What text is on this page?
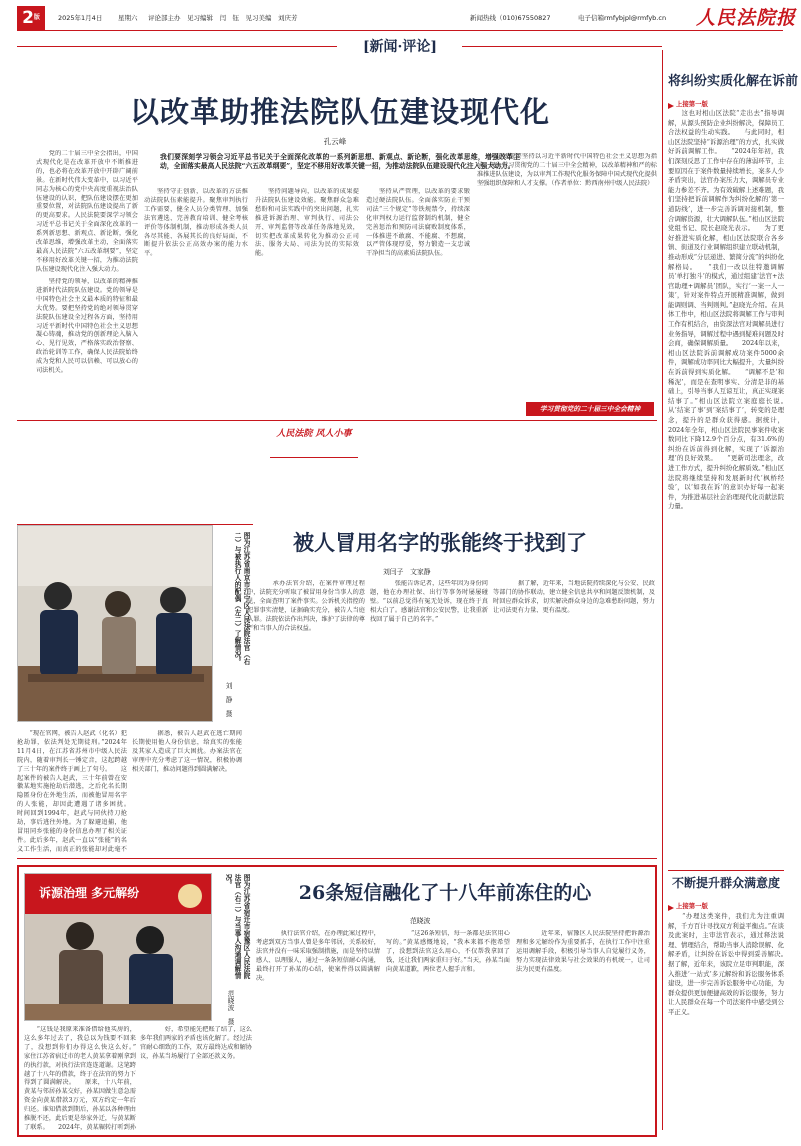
$2^版$	2025年1月4日 星期六 评论部主办　见习编辑　闫　钰　见习美编　刘庆芳	新闻热线（010)67550827	电子信箱rmfybjpl@rmfyb.cn 人民法院报
[新闻·评论]
以改革助推法院队伍建设现代化
孔云峰
我们要深刻学习领会习近平总书记关于全面深化改革的一系列新思想、新观点、新论断，强化改革思维，增强改革主动，全面落实最高人民法院“六五改革纲要”，坚定不移用好改革关键一招，为推动法院队伍建设现代化注入强大动力。
　　党的二十届三中全会指出，中国式现代化是在改革开放中不断推进的，也必将在改革开放中开辟广阔前景。在新时代伟大变革中，以习近平同志为核心的党中央高度重视法治队伍建设的认识，把队伍建设摆在更加重要位置，对法院队伍建设提出了新的更高要求。人民法院要深学习领会习近平总书记关于全面深化改革的一系列新思想、新观点、新论断，强化改革思维，增强改革主动，全面落实最高人民法院“六五改革纲要”，坚定不移用好改革关键一招，为推动法院队伍建设现代化注入强大动力。
　　坚持党的领导，以改革的精神推进新时代法院队伍建设。党的领导是中国特色社会主义最本质的特征和最大优势。要把坚持党的绝对领导贯穿法院队伍建设全过程各方面，坚持用习近平新时代中国特色社会主义思想凝心铸魂，推动党的创新理论入脑入心、见行见效，严格落实政治督察、政治轮训等工作，确保人民法院始终成为党和人民可以信赖、可以放心的司法机关。
　　坚持守正创新，以改革的方法推动法院队伍素能提升。聚焦审判执行工作需要，健全人员分类管理、加强法官遴选、完善教育培训、健全考核评价等体制机制，推动形成各类人员各尽其能、各展其长的良好局面，不断提升依法公正高效办案的能力水平。
　　坚持问题导向，以改革的成果提升法院队伍建设效能。聚焦群众急难愁盼和司法实践中的突出问题，扎实推进诉源治理、审判执行、司法公开、审判监督等改革任务落地见效，切实把改革成果转化为推动公正司法、服务大局、司法为民的实际效能。
　　坚持从严管理，以改革的要求锻造过硬法院队伍。全面落实防止干预司法“三个规定”等铁规禁令，持续深化审判权力运行监督制约机制，健全完善惩治和预防司法腐败制度体系，一体推进不敢腐、不能腐、不想腐，以严管体现厚爱，努力锻造一支忠诚干净担当的高素质法院队伍。
　　人民法院要坚持以习近平新时代中国特色社会主义思想为指导，深入学习贯彻党的二十届三中全会精神，以改革精神和严的标准推进队伍建设，为以审判工作现代化服务保障中国式现代化提供坚强组织保障和人才支撑。（作者单位：黔西南州中级人民法院）
学习贯彻党的二十届三中全会精神
将纠纷实质化解在诉前
上接第一版
　　这也对相山区法院“走出去”指导调解，从源头预防企业纠纷解决，保障员工合法权益的生动实践。　　与此同时，相山区法院坚持“诉源治理”的方式，扎实做好诉前调解工作。　　“2024年年初，我们深刻反思了工作中存在的薄弱环节，主要原因在于案件数量持续增长，案多人少矛盾突出，法官办案压力大，调解员专业能力参差不齐。为有效破解上述难题，我们坚持把诉前调解作为纠纷化解的‘第一道防线’，进一步完善诉调对接机制，整合调解资源，壮大调解队伍。”相山区法院党组书记、院长赵晓光表示。　　为了更好推进实质化解，相山区法院联合各乡镇、街道及行业调解组织建立联动机制，推动形成“分层递进、繁简分流”的纠纷化解格局。　　“我们一改以往特邀调解员‘单打独斗’的模式，通过组建‘法官+法官助理+调解员’团队，实行‘一案一人一策’，针对案件特点开展精准调解，做到能调则调、当判则判。”赵晓光介绍。在具体工作中，相山区法院将调解工作与审判工作有机结合，由资深法官对调解员进行业务指导，调解过程中遇到疑难问题及时会商，确保调解质量。　　2024年以来，相山区法院诉前调解成功案件5000余件，调解成功率同比大幅提升，大量纠纷在诉前得到实质化解。　　“调解不是‘和稀泥’，而是在查明事实、分清是非的基础上，引导当事人互谅互让，真正实现案结事了。”相山区法院立案庭庭长说。　　从‘结案了事’到‘案结事了’，转变的是理念，提升的是群众获得感。据统计，2024年全年，相山区法院民事案件收案数同比下降12.9个百分点，有31.6%的纠纷在诉前得到化解，实现了‘诉源治理’的良好效果。　　“更新司法理念，改进工作方式，提升纠纷化解质效。”相山区法院将继续坚持和发展新时代‘枫桥经验’，以‘如我在诉’的意识办好每一起案件，为推进基层社会治理现代化贡献法院力量。
不断提升群众满意度
上接第一版
　　“办理这类案件，我们尤为注重调解，千方百计寻找双方利益平衡点。”在谈及此案时，主审法官表示，通过释法说理、情理结合，帮助当事人消除误解、化解矛盾，让纠纷在诉讼中得到妥善解决。　　据了解，近年来，该院立足审判职能，深入推进‘一站式’多元解纷和诉讼服务体系建设，进一步完善诉讼服务中心功能，为群众提供更加便捷高效的诉讼服务，努力让人民群众在每一个司法案件中感受到公平正义。
人民法院 风人小事
被人冒用名字的张能终于找到了
刘闫子　文家静
图为江苏省南京市江宁区人民法院法官（右二）与被执行人的配偶（左二）了解情况。
刘　静　摄
　　“现在官网，被告人赵武（化名）犯抢劫罪，依法判处无期徒刑。”2024年11月4日，在江苏省苏州市中级人民法院内，随着审判长一锤定音，这起跨越了三十年的案件终于画上了句号。　　这起案件的被告人赵武，三十年前曾在安徽某地实施抢劫后潜逃，之后化名长期隐匿身份在外地生活，而被他冒用名字的人张能，却因此遭遇了诸多困扰。　　时间回到1994年，赵武与同伙持刀抢劫，事后逃往外地。为了躲避追捕，他冒用同乡张能的身份信息办理了相关证件。此后多年，赵武一直以“张能”的名义工作生活，而真正的张能却对此毫不　　　　　　　　　　

　　据悉，被告人赵武在逃亡期间长期使用他人身份信息，给真实的张能及其家人造成了巨大困扰。办案法官在审理中充分考虑了这一情况，积极协调相关部门，推动问题得到圆满解决。

　　承办法官介绍，在案件审理过程中，法院充分听取了被冒用身份当事人的意见，全面查明了案件事实。公诉机关指控的犯罪事实清楚，证据确实充分，被告人当庭认罪。法院依法作出判决，维护了法律的尊严和当事人的合法权益。

　　张能告诉记者，这些年因为身份问题，他在办理社保、出行等事务时屡屡碰壁。“以前总觉得有冤无处诉，现在终于真相大白了。感谢法官和公安民警，让我重新找回了属于自己的名字。”

　　据了解，近年来，当地法院持续深化与公安、民政等部门的协作联动，建立健全信息共享和问题反馈机制，及时回应群众诉求，切实解决群众身边的急难愁盼问题，努力让司法更有力量、更有温度。

诉源治理 多元解纷	图为江苏省宿迁市宿豫区人民法院法官（右二）与当事人沟通调解情况。
范晓波　摄
26条短信融化了十八年前冻住的心
范晓波
　　“这钱是我原来准备借给他买房的，这么多年过去了，我总以为钱要不回来了，没想到你们办得这么快这么好。”　　家住江苏省宿迁市的老人黄某拿着刚拿到的执行款，对执行法官连连道谢。这笔跨越了十八年的借款，终于在法官的努力下得到了圆满解决。　　原来，十八年前，黄某与邻居孙某交好，孙某因做生意急需资金向黄某借款3万元，双方约定一年后归还。谁知借款到期后，孙某以各种理由推脱不还，此后更是举家外迁，与黄某断了联系。　　2024年，黄某辗转打听到孙　　　　　　

　　好，希望能先把账了结了，这么多年我们两家的矛盾也该化解了。经过法官耐心细致的工作，双方最终达成和解协议，孙某当场履行了全部还款义务。

　　执行法官介绍，在办理此案过程中，考虑到双方当事人曾是多年邻居，关系较好，法官并没有一味采取强制措施，而是坚持以情感人、以理服人，通过一条条短信耐心沟通，最终打开了孙某的心结，使案件得以圆满解决。

　　“这26条短信，每一条都是法官用心写的。”黄某感慨地说，“我本来都不抱希望了，没想到法官这么用心，不仅帮我拿回了钱，还让我们两家重归于好。”当天，孙某当面向黄某道歉，两位老人握手言和。

　　近年来，宿豫区人民法院坚持把诉源治理和多元解纷作为重要抓手，在执行工作中注重运用调解手段，积极引导当事人自觉履行义务，努力实现法律效果与社会效果的有机统一，让司法为民更有温度。
